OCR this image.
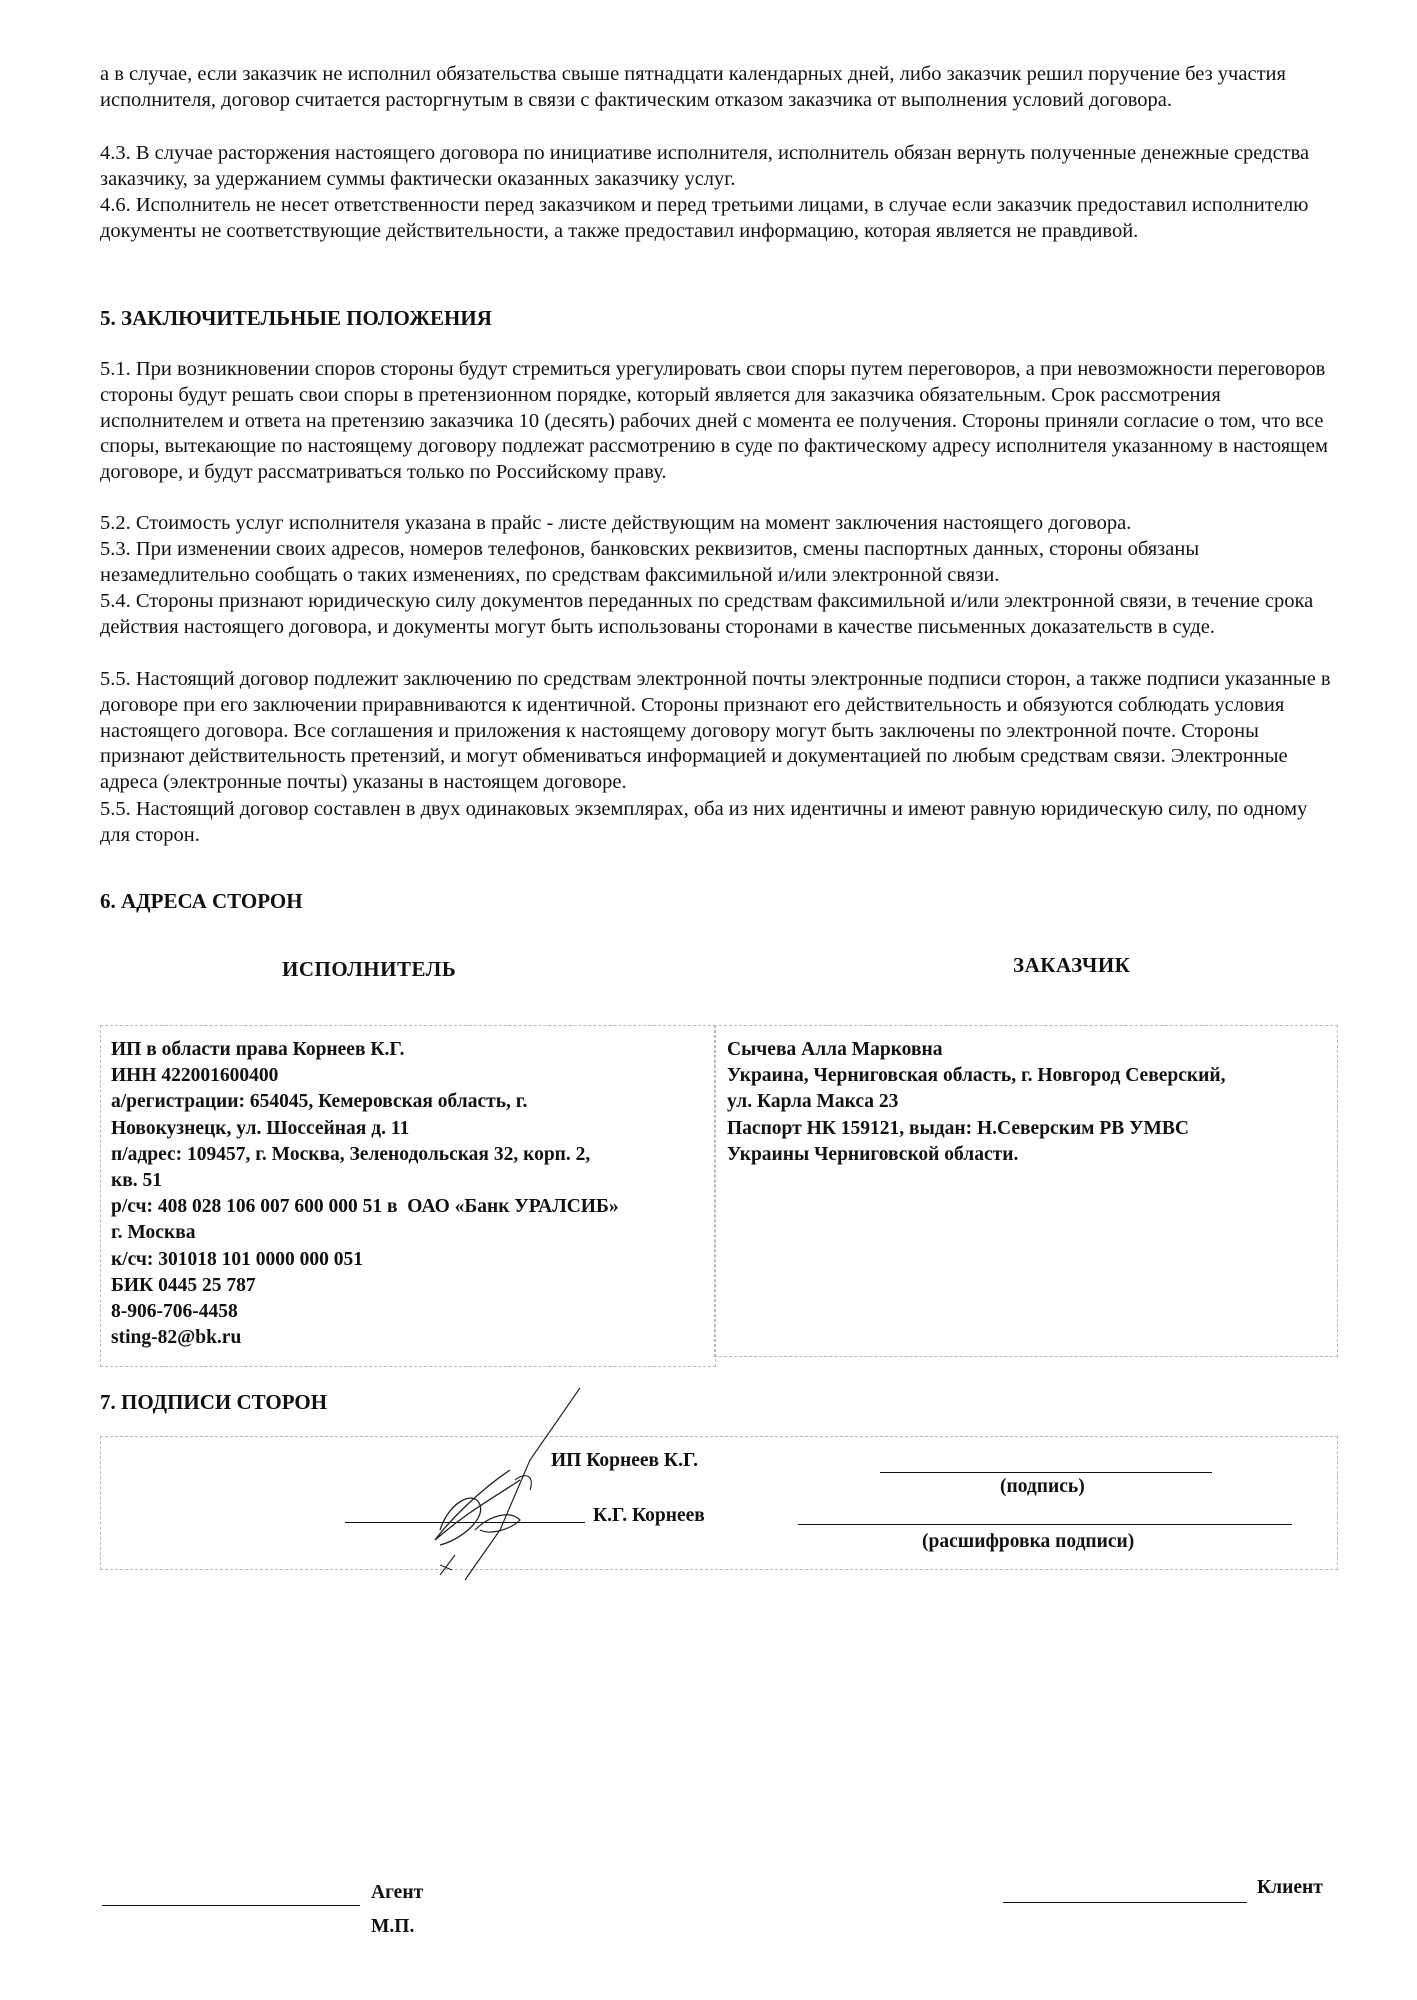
а в случае, если заказчик не исполнил обязательства свыше пятнадцати календарных дней, либо заказчик решил поручение без участия исполнителя, договор считается расторгнутым в связи с фактическим отказом заказчика от выполнения условий договора.
4.3. В случае расторжения настоящего договора по инициативе исполнителя, исполнитель обязан вернуть полученные денежные средства заказчику, за удержанием суммы фактически оказанных заказчику услуг.
4.6. Исполнитель не несет ответственности перед заказчиком и перед третьими лицами, в случае если заказчик предоставил исполнителю документы не соответствующие действительности, а также предоставил информацию, которая является не правдивой.
5. ЗАКЛЮЧИТЕЛЬНЫЕ ПОЛОЖЕНИЯ
5.1. При возникновении споров стороны будут стремиться урегулировать свои споры путем переговоров, а при невозможности переговоров стороны будут решать свои споры в претензионном порядке, который является для заказчика обязательным. Срок рассмотрения исполнителем и ответа на претензию заказчика 10 (десять) рабочих дней с момента ее получения. Стороны приняли согласие о том, что все споры, вытекающие по настоящему договору подлежат рассмотрению в суде по фактическому адресу исполнителя указанному в настоящем договоре, и будут рассматриваться только по Российскому праву.
5.2. Стоимость услуг исполнителя указана в прайс - листе действующим на момент заключения настоящего договора.
5.3. При изменении своих адресов, номеров телефонов, банковских реквизитов, смены паспортных данных, стороны обязаны незамедлительно сообщать о таких изменениях, по средствам факсимильной и/или электронной связи.
5.4. Стороны признают юридическую силу документов переданных по средствам факсимильной и/или электронной связи, в течение срока действия настоящего договора, и документы могут быть использованы сторонами в качестве письменных доказательств в суде.
5.5. Настоящий договор подлежит заключению по средствам электронной почты электронные подписи сторон, а также подписи указанные в договоре при его заключении приравниваются к идентичной. Стороны признают его действительность и обязуются соблюдать условия настоящего договора. Все соглашения и приложения к настоящему договору могут быть заключены по электронной почте. Стороны признают действительность претензий, и могут обмениваться информацией и документацией по любым средствам связи. Электронные адреса (электронные почты) указаны в настоящем договоре.
5.5. Настоящий договор составлен в двух одинаковых экземплярах, оба из них идентичны и имеют равную юридическую силу, по одному для сторон.
6. АДРЕСА СТОРОН
ИСПОЛНИТЕЛЬ	ЗАКАЗЧИК
ИП в области права Корнеев К.Г.
ИНН 422001600400
а/регистрации: 654045, Кемеровская область, г.
Новокузнецк, ул. Шоссейная д. 11
п/адрес: 109457, г. Москва, Зеленодольская 32, корп. 2,
кв. 51
р/сч: 408 028 106 007 600 000 51 в  ОАО «Банк УРАЛСИБ»
г. Москва
к/сч: 301018 101 0000 000 051
БИК 0445 25 787
8-906-706-4458
sting-82@bk.ru
Сычева Алла Марковна
Украина, Черниговская область, г. Новгород Северский,
ул. Карла Макса 23
Паспорт НК 159121, выдан: Н.Северским РВ УМВС
Украины Черниговской области.
7. ПОДПИСИ СТОРОН
ИП Корнеев К.Г.
К.Г. Корнеев
(подпись)
(расшифровка подписи)
Агент
М.П.
Клиент
